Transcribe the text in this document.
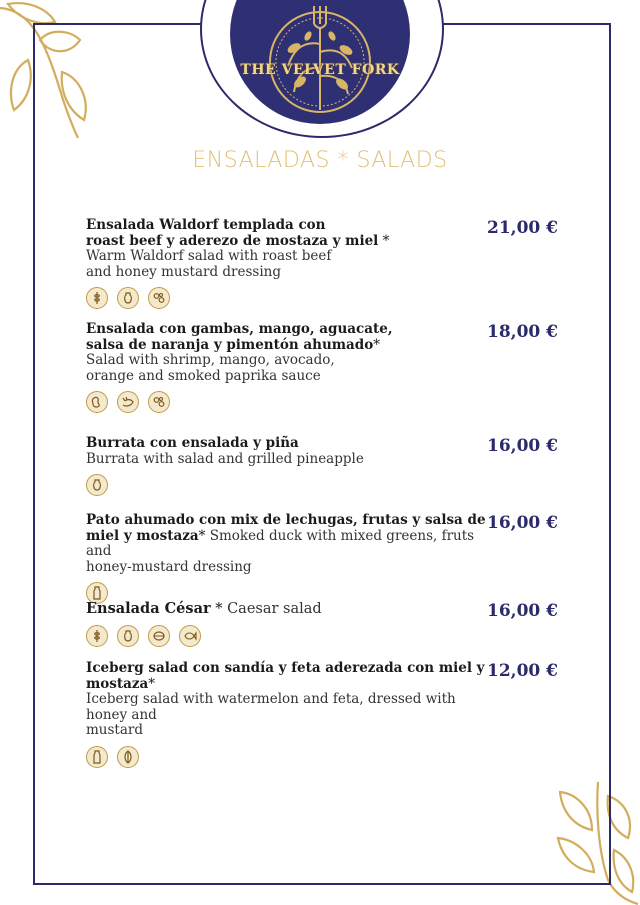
THE VELVET FORK
ENSALADAS * SALADS
Ensalada Waldorf templada con
roast beef y aderezo de mostaza y miel *
Warm Waldorf salad with roast beef
and honey mustard dressing
21,00 €
Ensalada con gambas, mango, aguacate,
salsa de naranja y pimentón ahumado*
Salad with shrimp, mango, avocado,
orange and smoked paprika sauce
18,00 €
Burrata con ensalada y piña
Burrata with salad and grilled pineapple
16,00 €
Pato ahumado con mix de lechugas, frutas y salsa de
miel y mostaza* Smoked duck with mixed greens, fruts and
honey-mustard dressing
16,00 €
Ensalada César * Caesar salad	16,00 €
Iceberg salad con sandía y feta aderezada con miel y mostaza*
Iceberg salad with watermelon and feta, dressed with honey and
mustard
12,00 €
